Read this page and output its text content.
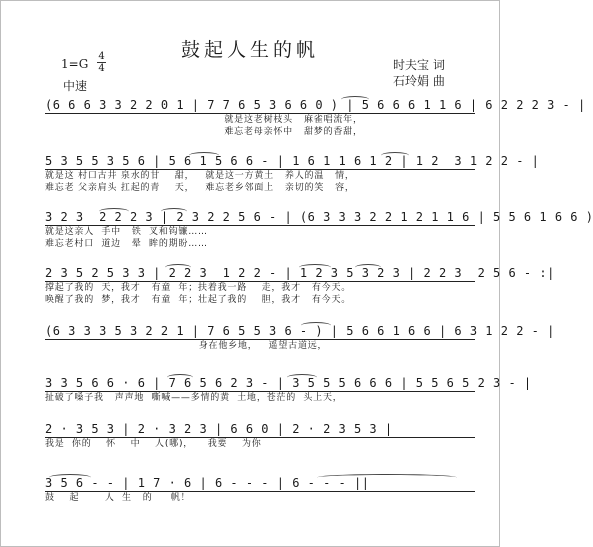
鼓起人生的帆
1=G
4
4
中速
时夫宝 词
石玲娟 曲
(6 6 6 3 3 2 2 0 1 | 7 7 6 5 3 6 6 0 ) | 5 6 6 6 1 1 6 | 6 2 2 2 3 - |
就是这老树枝头   麻雀唱流年，
难忘老母亲怀中   甜梦的香甜，
5 3 5 5 3 5 6 | 5 6 1 5 6 6 - | 1 6 1 1 6 1 2 | 1 2  3 1 2 2 - |
就是这 村口古井 泉水的甘    甜，   就是这一方黄土   养人的温   情，
难忘老 父亲肩头 扛起的青    天，   难忘老乡邻面上   亲切的笑   容，
3 2 3  2 2 2 3 | 2 3 2 2 5 6 - | (6 3 3 3 2 2 1 2 1 1 6 | 5 5 6 1 6 6 )
就是这亲人  手中   铁  叉和钩镰……
难忘老村口  道边   晕  眸的期盼……
2 3 5 2 5 3 3 | 2 2 3  1 2 2 - | 1 2 3 5 3 2 3 | 2 2 3  2 5 6 - :|
撑起了我的  天，我才   有童  年；扶着我一路    走，我才   有今天。
唤醒了我的  梦，我才   有童  年；壮起了我的    胆，我才   有今天。
(6 3 3 3 5 3 2 2 1 | 7 6 5 5 3 6 - ) | 5 6 6 1 6 6 | 6 3 1 2 2 - |
身在他乡地，   遥望古道远，
3 3 5 6 6 · 6 | 7 6 5 6 2 3 - | 3 5 5 5 6 6 6 | 5 5 6 5 2 3 - |
扯破了嗓子我   声声地  嘶喊——多情的黄  土地，苍茫的  头上天，
2 · 3 5 3 | 2 · 3 2 3 | 6 6 0 | 2 · 2 3 5 3 |
我是  你的    怀    中    人(哪)，    我要    为你
3 5 6 - - | 1 7 · 6 | 6 - - - | 6 - - - ||
鼓    起       人  生   的     帆！
